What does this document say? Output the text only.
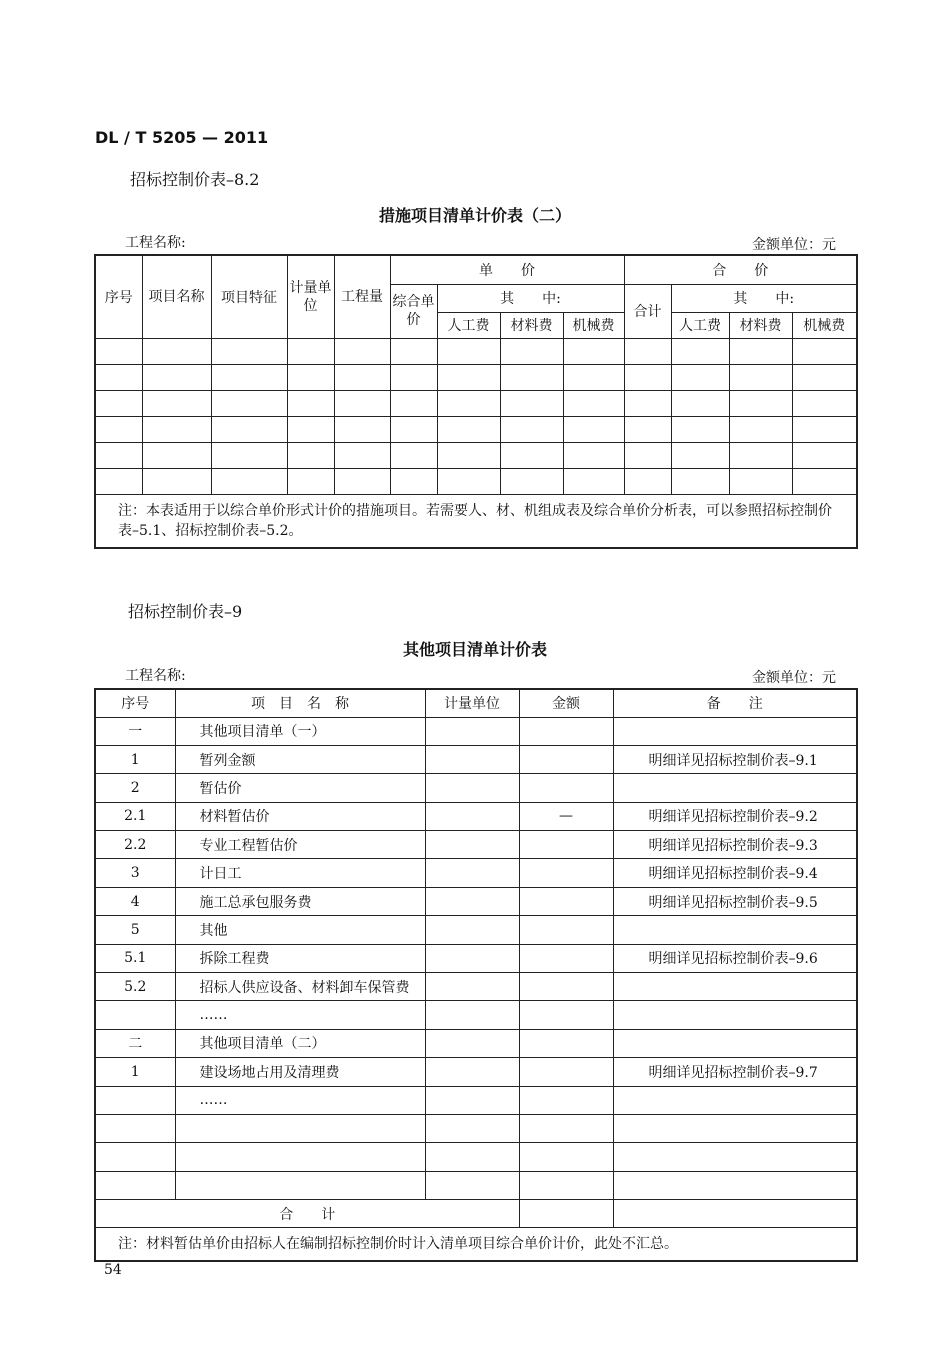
DL / T 5205 — 2011
招标控制价表–8.2
措施项目清单计价表（二）
工程名称:	金额单位：元
序号	项目名称	项目特征	计量单位	工程量	单　　价				合　　价			
					综合单价	其　　中:			合计	其　　中:		
						人工费	材料费	机械费		人工费	材料费	机械费

注：本表适用于以综合单价形式计价的措施项目。若需要人、材、机组成表及综合单价分析表，可以参照招标控制价表–5.1、招标控制价表–5.2。												
招标控制价表–9
其他项目清单计价表
工程名称:	金额单位：元
序号	项　目　名　称	计量单位	金额	备　　注
一	其他项目清单（一）			
1	暂列金额			明细详见招标控制价表–9.1
2	暂估价			
2.1	材料暂估价		—	明细详见招标控制价表–9.2
2.2	专业工程暂估价			明细详见招标控制价表–9.3
3	计日工			明细详见招标控制价表–9.4
4	施工总承包服务费			明细详见招标控制价表–9.5
5	其他			
5.1	拆除工程费			明细详见招标控制价表–9.6
5.2	招标人供应设备、材料卸车保管费			
	……			
二	其他项目清单（二）			
1	建设场地占用及清理费			明细详见招标控制价表–9.7
	……			

合　　计				
注：材料暂估单价由招标人在编制招标控制价时计入清单项目综合单价计价，此处不汇总。				
54
